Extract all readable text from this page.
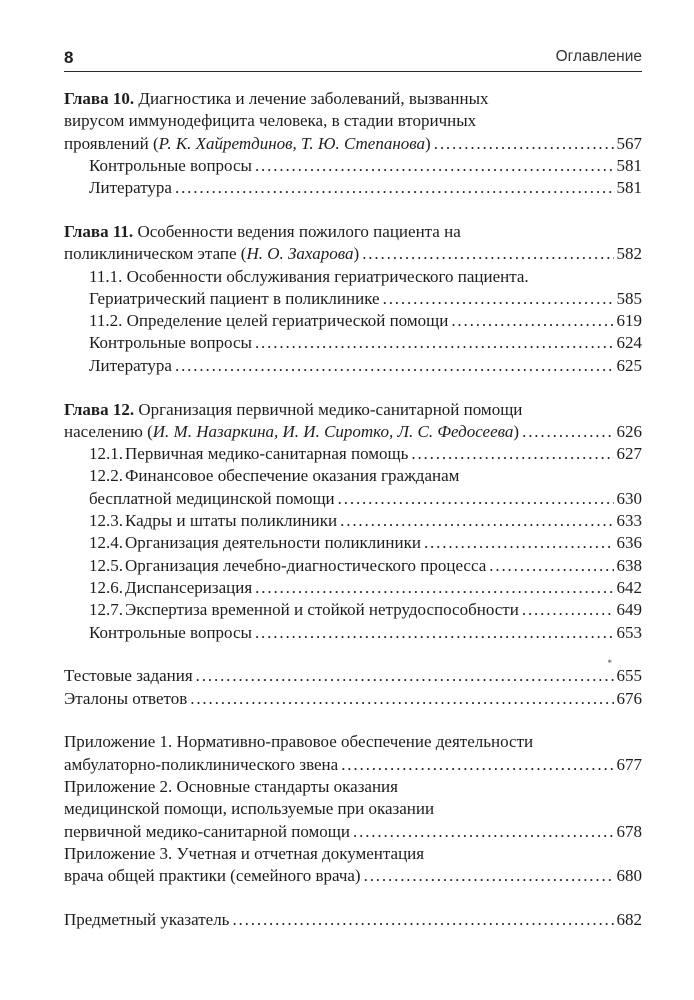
8	Оглавление
Глава 10. Диагностика и лечение заболеваний, вызванных
вирусом иммунодефицита человека, в стадии вторичных
проявлений (Р. К. Хайретдинов, Т. Ю. Степанова) . . .	567
Контрольные вопросы . . .	581
Литература . . .	581
Глава 11. Особенности ведения пожилого пациента на
поликлиническом этапе (Н. О. Захарова) . . .	582
11.1. Особенности обслуживания гериатрического пациента.
Гериатрический пациент в поликлинике . . .	585
11.2. Определение целей гериатрической помощи . . .	619
Контрольные вопросы . . .	624
Литература . . .	625
Глава 12. Организация первичной медико-санитарной помощи
населению (И. М. Назаркина, И. И. Сиротко, Л. С. Федосеева) . . .	626
12.1. Первичная медико-санитарная помощь . . .	627
12.2. Финансовое обеспечение оказания гражданам
бесплатной медицинской помощи . . .	630
12.3. Кадры и штаты поликлиники . . .	633
12.4. Организация деятельности поликлиники . . .	636
12.5. Организация лечебно-диагностического процесса . . .	638
12.6. Диспансеризация . . .	642
12.7. Экспертиза временной и стойкой нетрудоспособности . . .	649
Контрольные вопросы . . .	653
*
Тестовые задания . . .	655
Эталоны ответов . . .	676
Приложение 1. Нормативно-правовое обеспечение деятельности
амбулаторно-поликлинического звена . . .	677
Приложение 2. Основные стандарты оказания
медицинской помощи, используемые при оказании
первичной медико-санитарной помощи . . .	678
Приложение 3. Учетная и отчетная документация
врача общей практики (семейного врача) . . .	680
Предметный указатель . . .	682
